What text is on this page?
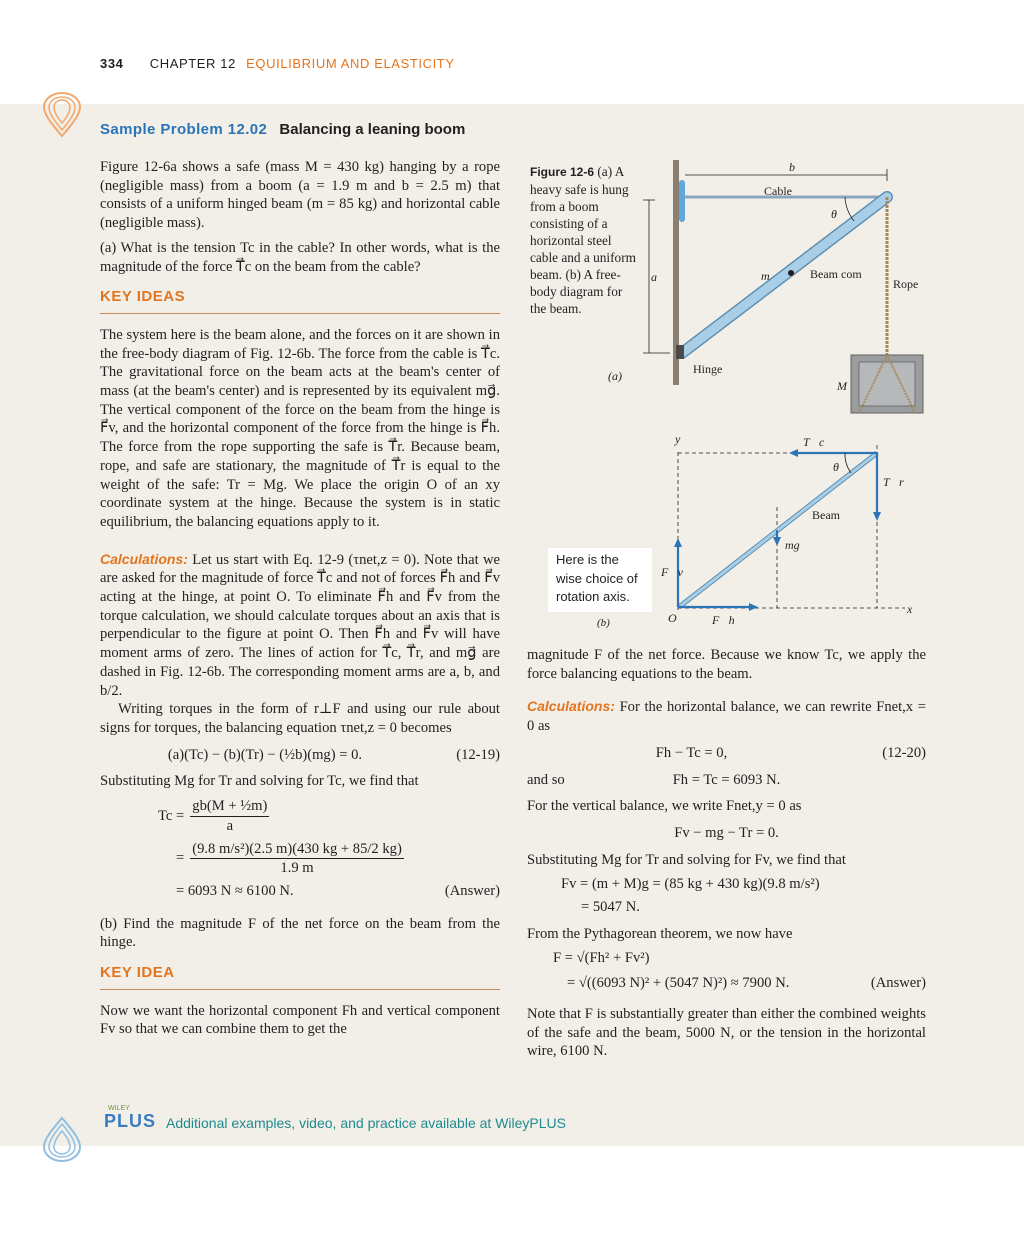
334 CHAPTER 12 EQUILIBRIUM AND ELASTICITY
Sample Problem 12.02 Balancing a leaning boom

Figure 12-6a shows a safe (mass M = 430 kg) hanging by a rope (negligible mass) from a boom (a = 1.9 m and b = 2.5 m) that consists of a uniform hinged beam (m = 85 kg) and horizontal cable (negligible mass).

(a) What is the tension Tc in the cable? In other words, what is the magnitude of the force T⃗c on the beam from the cable?

KEY IDEAS

The system here is the beam alone, and the forces on it are shown in the free-body diagram of Fig. 12-6b. The force from the cable is T⃗c. The gravitational force on the beam acts at the beam's center of mass (at the beam's center) and is represented by its equivalent mg⃗. The vertical component of the force on the beam from the hinge is F⃗v, and the horizontal component of the force from the hinge is F⃗h. The force from the rope supporting the safe is T⃗r. Because beam, rope, and safe are stationary, the magnitude of T⃗r is equal to the weight of the safe: Tr = Mg. We place the origin O of an xy coordinate system at the hinge. Because the system is in static equilibrium, the balancing equations apply to it.

Calculations: Let us start with Eq. 12-9 (τnet,z = 0). Note that we are asked for the magnitude of force T⃗c and not of forces F⃗h and F⃗v acting at the hinge, at point O. To eliminate F⃗h and F⃗v from the torque calculation, we should calculate torques about an axis that is perpendicular to the figure at point O. Then F⃗h and F⃗v will have moment arms of zero. The lines of action for T⃗c, T⃗r, and mg⃗ are dashed in Fig. 12-6b. The corresponding moment arms are a, b, and b/2.

Writing torques in the form of r⊥F and using our rule about signs for torques, the balancing equation τnet,z = 0 becomes

(a)(Tc) − (b)(Tr) − (½b)(mg) = 0.	(12-19)

Substituting Mg for Tr and solving for Tc, we find that

$Tc = \frac{\text{gb(M + ½m)}}{a}$
= $\frac{\text{(9.8 m/s²)(2.5 m)(430 kg + 85/2 kg)}}{1.9 m}$
= 6093 N ≈ 6100 N.	(Answer)

(b) Find the magnitude F of the net force on the beam from the hinge.

KEY IDEA

Now we want the horizontal component Fh and vertical component Fv so that we can combine them to get the

Figure 12-6 (a) A heavy safe is hung from a boom consisting of a horizontal steel cable and a uniform beam. (b) A free-body diagram for the beam.
b
Cable
θ
a	m	Beam com
Rope
Hinge
M
(a)
y	T⃗c
θ
T⃗r
Beam
mg⃗
F⃗v
O	F⃗h
x
Here is the wise choice of rotation axis.
(b)

magnitude F of the net force. Because we know Tc, we apply the force balancing equations to the beam.

Calculations: For the horizontal balance, we can rewrite Fnet,x = 0 as

Fh − Tc = 0,	(12-20)
and so	Fh = Tc = 6093 N.

For the vertical balance, we write Fnet,y = 0 as

Fv − mg − Tr = 0.

Substituting Mg for Tr and solving for Fv, we find that

Fv = (m + M)g = (85 kg + 430 kg)(9.8 m/s²)
= 5047 N.

From the Pythagorean theorem, we now have

F = √(Fh² + Fv²)
= √((6093 N)² + (5047 N)²) ≈ 7900 N.	(Answer)

Note that F is substantially greater than either the combined weights of the safe and the beam, 5000 N, or the tension in the horizontal wire, 6100 N.

WILEY
PLUS Additional examples, video, and practice available at WileyPLUS
